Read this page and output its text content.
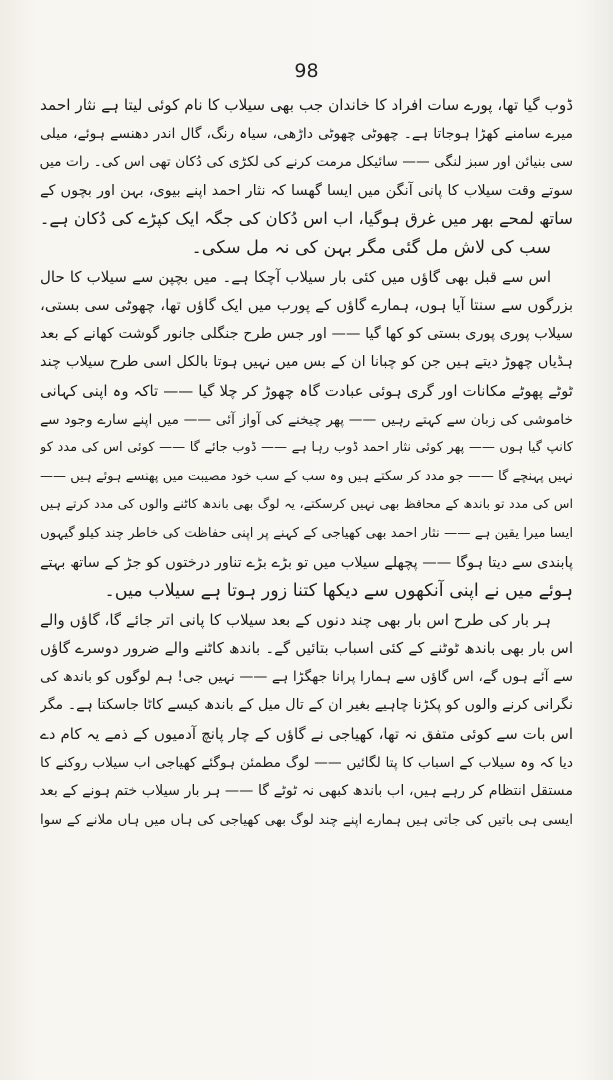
98
ڈوب گیا تھا، پورے سات افراد کا خاندان جب بھی سیلاب کا نام کوئی لیتا ہے نثار احمد
میرے سامنے کھڑا ہوجاتا ہے۔ چھوٹی چھوٹی داڑھی، سیاہ رنگ، گال اندر دھنسے ہوئے، میلی
سی بنیائن اور سبز لنگی —— سائیکل مرمت کرنے کی لکڑی کی دُکان تھی اس کی۔ رات میں
سوتے وقت سیلاب کا پانی آنگن میں ایسا گھسا کہ نثار احمد اپنے بیوی، بہن اور بچوں کے
ساتھ لمحے بھر میں غرق ہوگیا، اب اس دُکان کی جگہ ایک کپڑے کی دُکان ہے۔
سب کی لاش مل گئی مگر بہن کی نہ مل سکی۔
اس سے قبل بھی گاؤں میں کئی بار سیلاب آچکا ہے۔ میں بچپن سے سیلاب کا حال
بزرگوں سے سنتا آیا ہوں، ہمارے گاؤں کے پورب میں ایک گاؤں تھا، چھوٹی سی بستی،
سیلاب پوری پوری بستی کو کھا گیا —— اور جس طرح جنگلی جانور گوشت کھانے کے بعد
ہڈیاں چھوڑ دیتے ہیں جن کو چبانا ان کے بس میں نہیں ہوتا بالکل اسی طرح سیلاب چند
ٹوٹے پھوٹے مکانات اور گری ہوئی عبادت گاہ چھوڑ کر چلا گیا —— تاکہ وہ اپنی کہانی
خاموشی کی زبان سے کہتے رہیں —— پھر چیخنے کی آواز آئی —— میں اپنے سارے وجود سے
کانپ گیا ہوں —— پھر کوئی نثار احمد ڈوب رہا ہے —— ڈوب جائے گا —— کوئی اس کی مدد کو
نہیں پہنچے گا —— جو مدد کر سکتے ہیں وہ سب کے سب خود مصیبت میں پھنسے ہوئے ہیں ——
اس کی مدد تو باندھ کے محافظ بھی نہیں کرسکتے، یہ لوگ بھی باندھ کاٹنے والوں کی مدد کرتے ہیں
ایسا میرا یقین ہے —— نثار احمد بھی کھیاجی کے کہنے پر اپنی حفاظت کی خاطر چند کیلو گیہوں
پابندی سے دیتا ہوگا —— پچھلے سیلاب میں تو بڑے بڑے تناور درختوں کو جڑ کے ساتھ بہتے
ہوئے میں نے اپنی آنکھوں سے دیکھا کتنا زور ہوتا ہے سیلاب میں۔
ہر بار کی طرح اس بار بھی چند دنوں کے بعد سیلاب کا پانی اتر جائے گا، گاؤں والے
اس بار بھی باندھ ٹوٹنے کے کئی اسباب بتائیں گے۔ باندھ کاٹنے والے ضرور دوسرے گاؤں
سے آئے ہوں گے، اس گاؤں سے ہمارا پرانا جھگڑا ہے —— نہیں جی! ہم لوگوں کو باندھ کی
نگرانی کرنے والوں کو پکڑنا چاہیے بغیر ان کے تال میل کے باندھ کیسے کاٹا جاسکتا ہے۔ مگر
اس بات سے کوئی متفق نہ تھا، کھیاجی نے گاؤں کے چار پانچ آدمیوں کے ذمے یہ کام دے
دیا کہ وہ سیلاب کے اسباب کا پتا لگائیں —— لوگ مطمئن ہوگئے کھیاجی اب سیلاب روکنے کا
مستقل انتظام کر رہے ہیں، اب باندھ کبھی نہ ٹوٹے گا —— ہر بار سیلاب ختم ہونے کے بعد
ایسی ہی باتیں کی جاتی ہیں ہمارے اپنے چند لوگ بھی کھیاجی کی ہاں میں ہاں ملانے کے سوا
